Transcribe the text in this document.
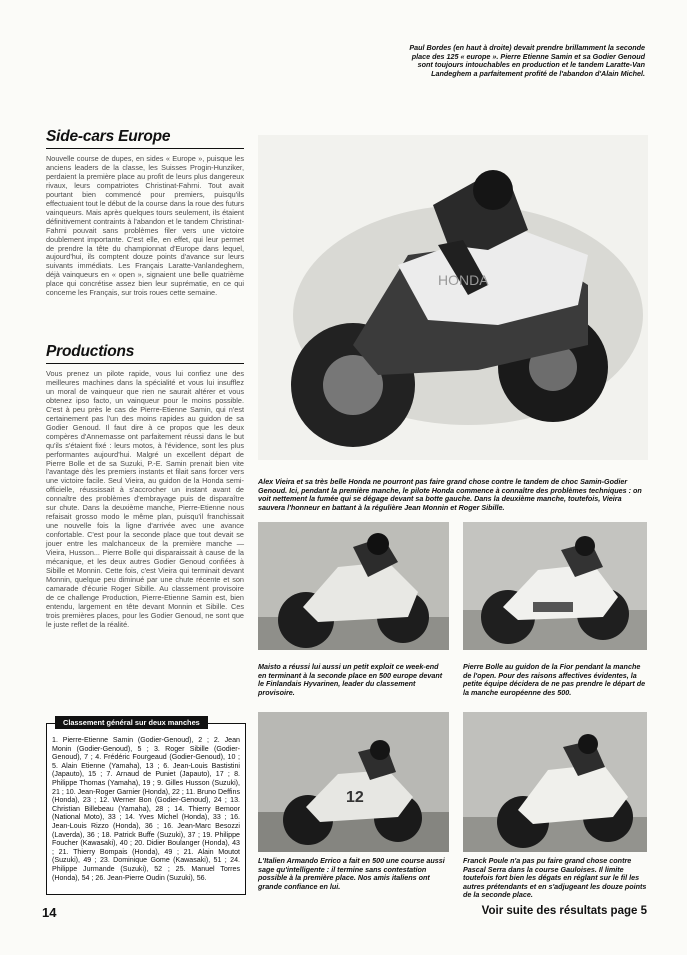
Paul Bordes (en haut à droite) devait prendre brillamment la seconde place des 125 « europe ». Pierre Etienne Samin et sa Godier Genoud sont toujours intouchables en production et le tandem Laratte-Van Landeghem a parfaitement profité de l'abandon d'Alain Michel.
Side-cars Europe
Nouvelle course de dupes, en sides « Europe », puisque les anciens leaders de la classe, les Suisses Progin-Hunziker, perdaient la première place au profit de leurs plus dangereux rivaux, leurs compatriotes Christinat-Fahrni. Tout avait pourtant bien commencé pour premiers, puisqu'ils effectuaient tout le début de la course dans la roue des futurs vainqueurs. Mais après quelques tours seulement, ils étaient définitivement contraints à l'abandon et le tandem Christinat-Fahrni pouvait sans problèmes filer vers une victoire doublement importante. C'est elle, en effet, qui leur permet de prendre la tête du championnat d'Europe dans lequel, aujourd'hui, ils comptent douze points d'avance sur leurs suivants immédiats. Les Français Laratte-Vanlandeghem, déjà vainqueurs en « open », signaient une belle quatrième place qui concrétise assez bien leur suprématie, en ce qui concerne les Français, sur trois roues cette semaine.
Productions
Vous prenez un pilote rapide, vous lui confiez une des meilleures machines dans la spécialité et vous lui insufflez un moral de vainqueur que rien ne saurait altérer et vous obtenez ipso facto, un vainqueur pour le moins possible. C'est à peu près le cas de Pierre-Etienne Samin, qui n'est certainement pas l'un des moins rapides au guidon de sa Godier Genoud. Il faut dire à ce propos que les deux compères d'Annemasse ont parfaitement réussi dans le but qu'ils s'étaient fixé : leurs motos, à l'évidence, sont les plus performantes aujourd'hui. Malgré un excellent départ de Pierre Bolle et de sa Suzuki, P.-E. Samin prenait bien vite l'avantage dès les premiers instants et filait sans forcer vers une victoire facile. Seul Vieira, au guidon de la Honda semi-officielle, réussissait à s'accrocher un instant avant de connaître des problèmes d'embrayage puis de disparaître sur chute. Dans la deuxième manche, Pierre-Etienne nous refaisait grosso modo le même plan, puisqu'il franchissait une nouvelle fois la ligne d'arrivée avec une avance confortable. C'est pour la seconde place que tout devait se jouer entre les malchanceux de la première manche — Vieira, Husson... Pierre Bolle qui disparaissait à cause de la mécanique, et les deux autres Godier Genoud confiées à Sibille et Monnin. Cette fois, c'est Vieira qui terminait devant Monnin, quelque peu diminué par une chute récente et son camarade d'écurie Roger Sibille. Au classement provisoire de ce challenge Production, Pierre-Etienne Samin est, bien entendu, largement en tête devant Monnin et Sibille. Ces trois premières places, pour les Godier Genoud, ne sont que le juste reflet de la réalité.
Classement général sur deux manches
1. Pierre-Etienne Samin (Godier-Genoud), 2 ; 2. Jean Monin (Godier-Genoud), 5 ; 3. Roger Sibille (Godier-Genoud), 7 ; 4. Frédéric Fourgeaud (Godier-Genoud), 10 ; 5. Alain Etienne (Yamaha), 13 ; 6. Jean-Louis Bastistini (Japauto), 15 ; 7. Arnaud de Puniet (Japauto), 17 ; 8. Philippe Thomas (Yamaha), 19 ; 9. Gilles Husson (Suzuki), 21 ; 10. Jean-Roger Garnier (Honda), 22 ; 11. Bruno Deffins (Honda), 23 ; 12. Werner Bon (Godier-Genoud), 24 ; 13. Christian Billebeau (Yamaha), 28 ; 14. Thierry Bemoor (National Moto), 33 ; 14. Yves Michel (Honda), 33 ; 16. Jean-Louis Rizzo (Honda), 36 ; 16. Jean-Marc Besozzi (Laverda), 36 ; 18. Patrick Buffe (Suzuki), 37 ; 19. Philippe Foucher (Kawasaki), 40 ; 20. Didier Boulanger (Honda), 43 ; 21. Thierry Bompais (Honda), 49 ; 21. Alain Moutot (Suzuki), 49 ; 23. Dominique Gome (Kawasaki), 51 ; 24. Philippe Jurmande (Suzuki), 52 ; 25. Manuel Torres (Honda), 54 ; 26. Jean-Pierre Oudin (Suzuki), 56.
HONDA
Alex Vieira et sa très belle Honda ne pourront pas faire grand chose contre le tandem de choc Samin-Godier Genoud. Ici, pendant la première manche, le pilote Honda commence à connaître des problèmes techniques : on voit nettement la fumée qui se dégage devant sa botte gauche. Dans la deuxième manche, toutefois, Vieira sauvera l'honneur en battant à la régulière Jean Monnin et Roger Sibille.
Maisto a réussi lui aussi un petit exploit ce week-end en terminant à la seconde place en 500 europe devant le Finlandais Hyvarinen, leader du classement provisoire.
Pierre Bolle au guidon de la Fior pendant la manche de l'open. Pour des raisons affectives évidentes, la petite équipe décidera de ne pas prendre le départ de la manche européenne des 500.
12
L'Italien Armando Errico a fait en 500 une course aussi sage qu'intelligente : il termine sans contestation possible à la première place. Nos amis italiens ont grande confiance en lui.
Franck Poule n'a pas pu faire grand chose contre Pascal Serra dans la course Gauloises. Il limite toutefois fort bien les dégats en réglant sur le fil les autres prétendants et en s'adjugeant les douze points de la seconde place.
14	Voir suite des résultats page 5
